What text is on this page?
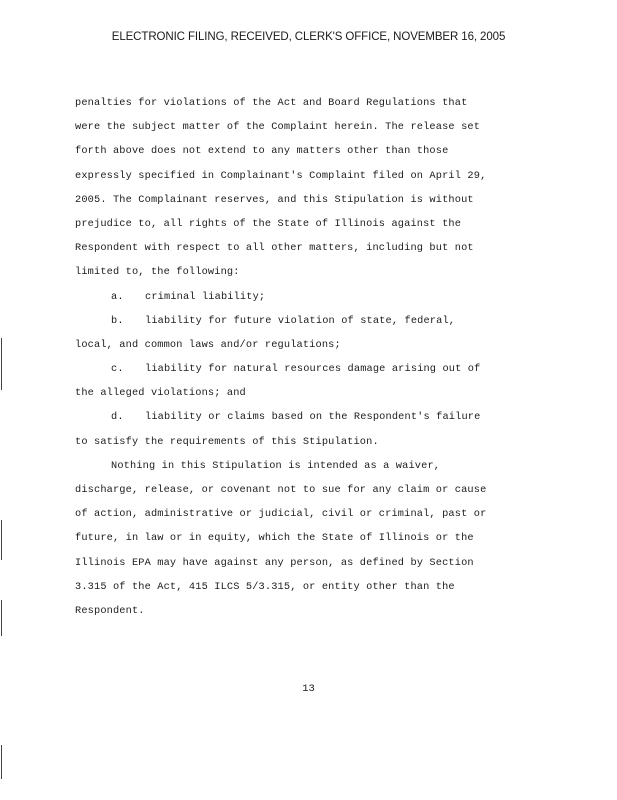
ELECTRONIC FILING, RECEIVED, CLERK'S OFFICE, NOVEMBER 16, 2005
penalties for violations of the Act and Board Regulations that
were the subject matter of the Complaint herein. The release set
forth above does not extend to any matters other than those
expressly specified in Complainant's Complaint filed on April 29,
2005. The Complainant reserves, and this Stipulation is without
prejudice to, all rights of the State of Illinois against the
Respondent with respect to all other matters, including but not
limited to, the following:
a. criminal liability;
b. liability for future violation of state, federal,
local, and common laws and/or regulations;
c. liability for natural resources damage arising out of
the alleged violations; and
d. liability or claims based on the Respondent's failure
to satisfy the requirements of this Stipulation.
Nothing in this Stipulation is intended as a waiver,
discharge, release, or covenant not to sue for any claim or cause
of action, administrative or judicial, civil or criminal, past or
future, in law or in equity, which the State of Illinois or the
Illinois EPA may have against any person, as defined by Section
3.315 of the Act, 415 ILCS 5/3.315, or entity other than the
Respondent.
13
